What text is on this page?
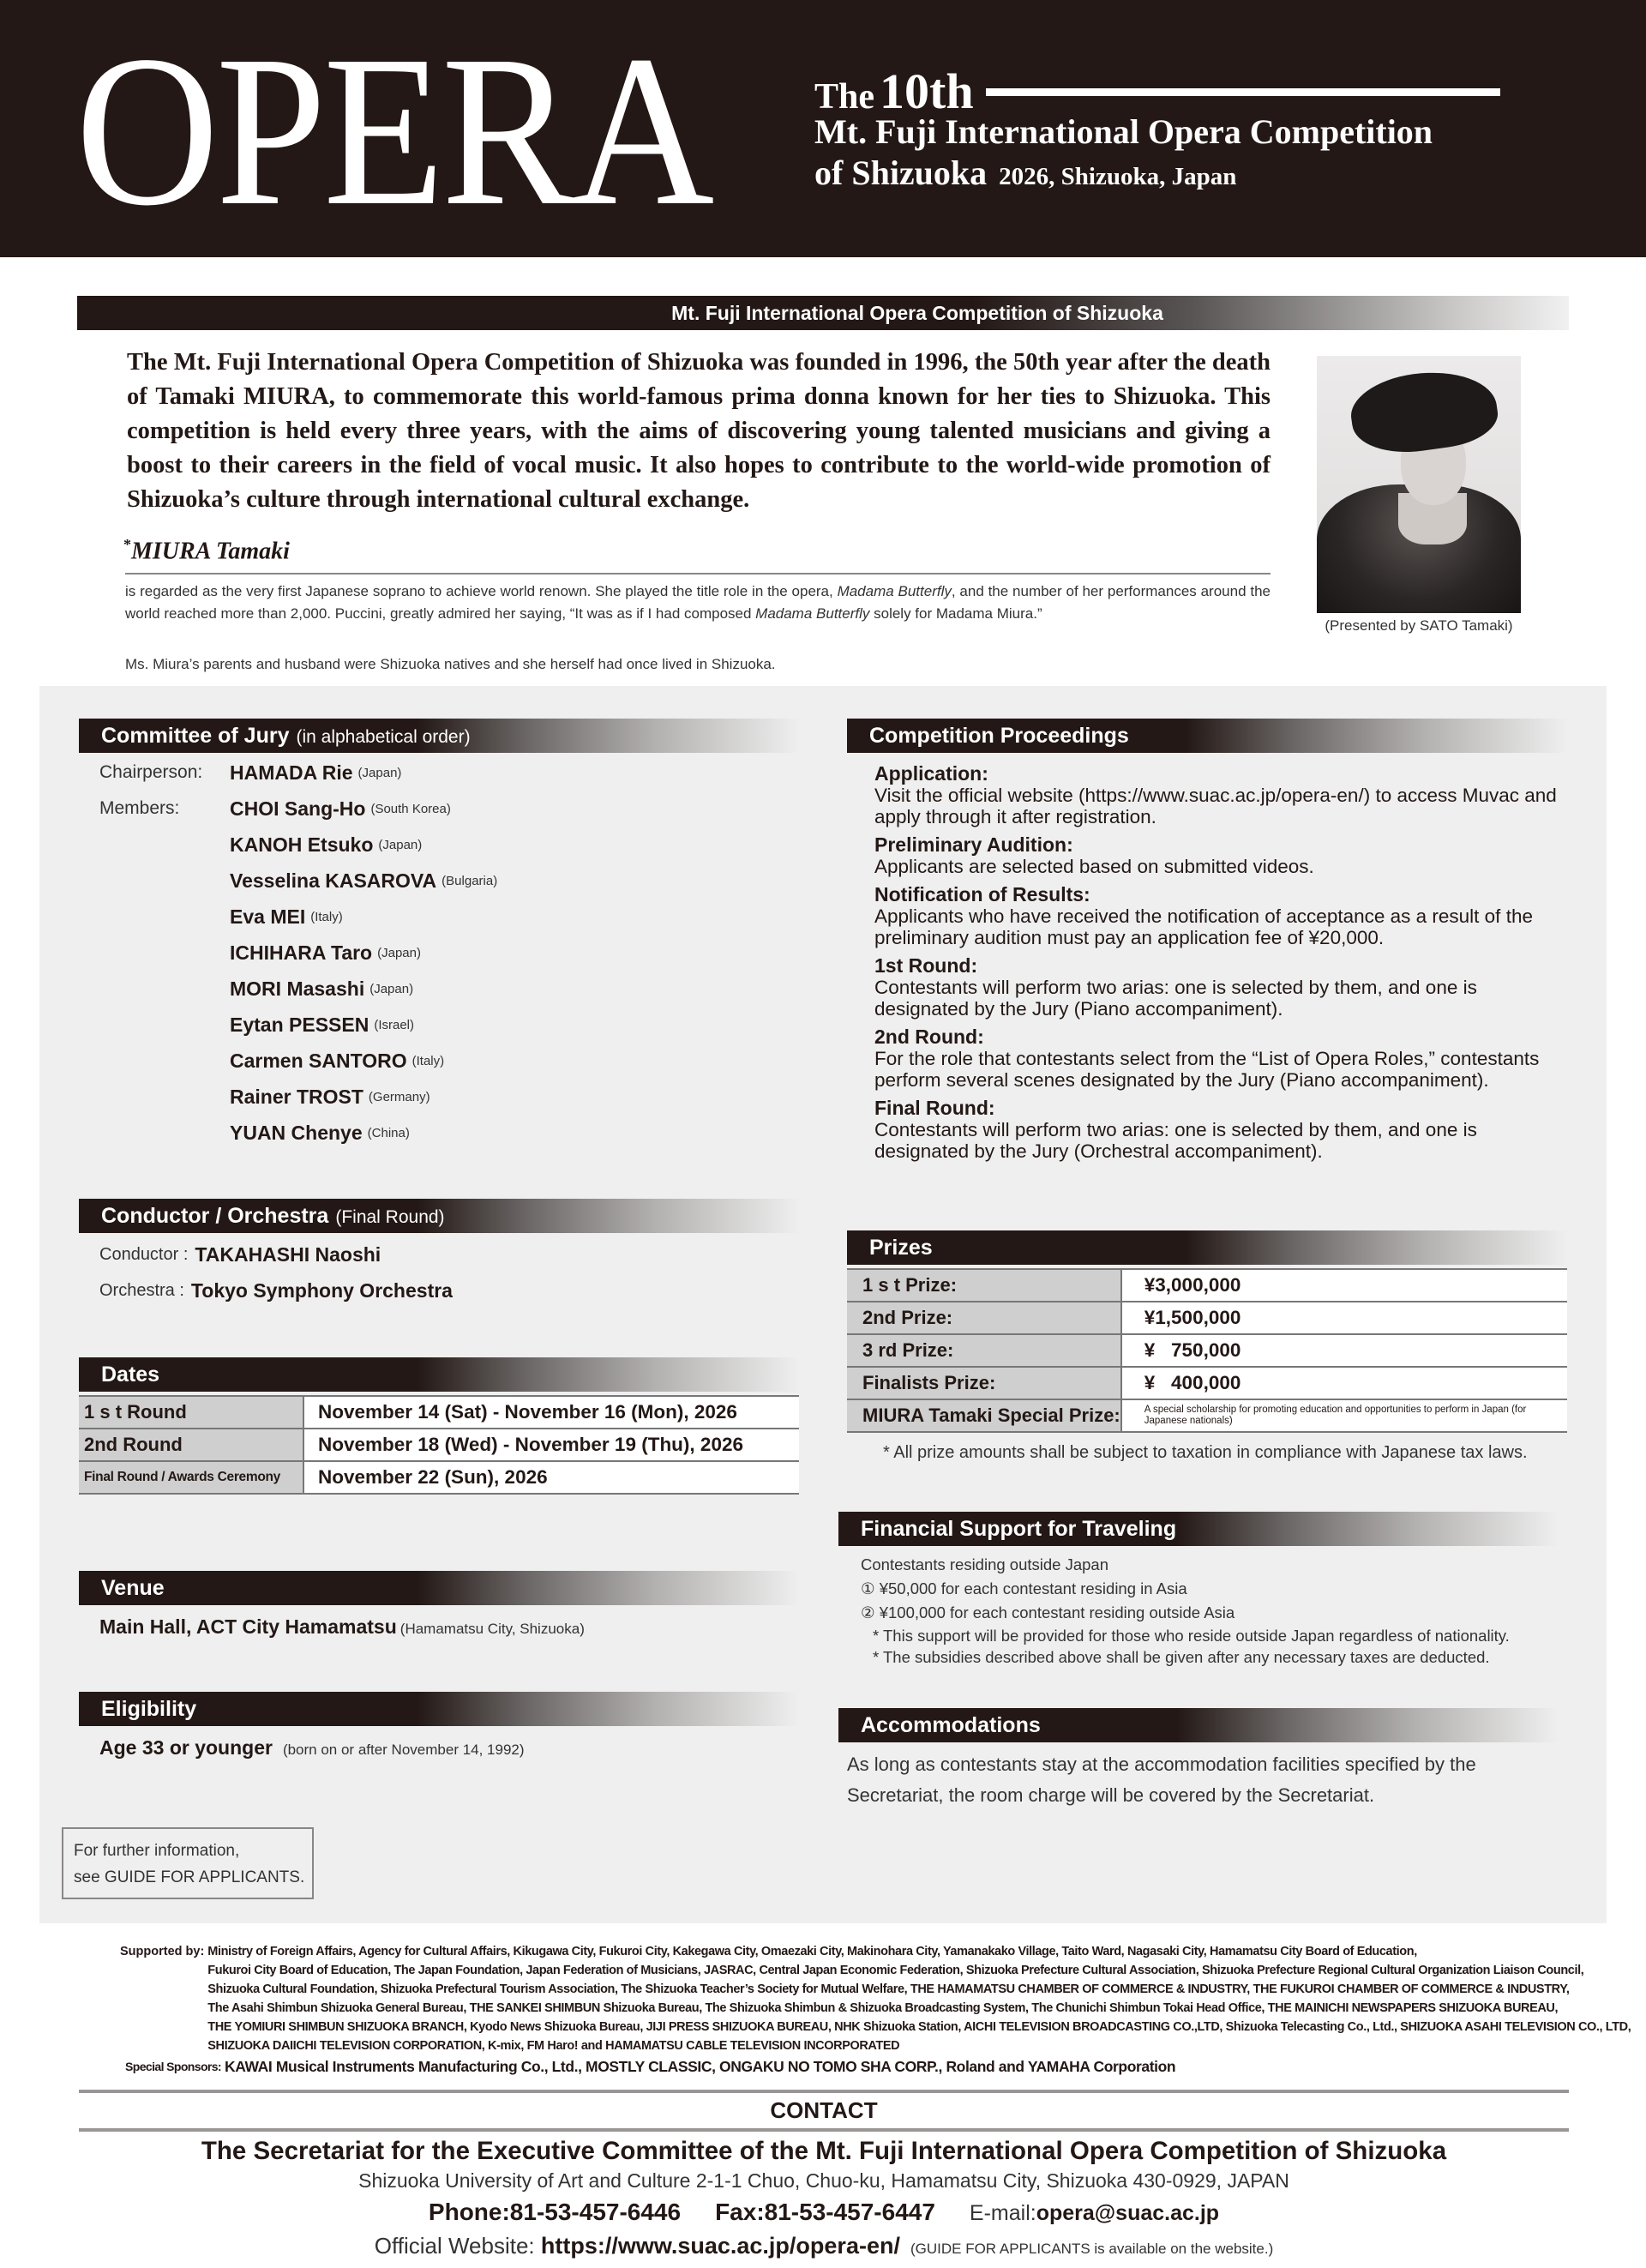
OPERA	The 10th
Mt. Fuji International Opera Competition
of Shizuoka 2026, Shizuoka, Japan
Mt. Fuji International Opera Competition of Shizuoka

The Mt. Fuji International Opera Competition of Shizuoka was founded in 1996, the 50th year after the death of Tamaki MIURA, to commemorate this world-famous prima donna known for her ties to Shizuoka. This competition is held every three years, with the aims of discovering young talented musicians and giving a boost to their careers in the field of vocal music. It also hopes to contribute to the world-wide promotion of Shizuoka’s culture through international cultural exchange.

*MIURA Tamaki

is regarded as the very first Japanese soprano to achieve world renown. She played the title role in the opera, Madama Butterfly, and the number of her performances around the world reached more than 2,000. Puccini, greatly admired her saying, “It was as if I had composed Madama Butterfly solely for Madama Miura.”

Ms. Miura’s parents and husband were Shizuoka natives and she herself had once lived in Shizuoka.

(Presented by SATO Tamaki)
Committee of Jury (in alphabetical order)
Chairperson:	HAMADA Rie (Japan)
Members:	CHOI Sang-Ho (South Korea)
KANOH Etsuko (Japan)
Vesselina KASAROVA (Bulgaria)
Eva MEI (Italy)
ICHIHARA Taro (Japan)
MORI Masashi (Japan)
Eytan PESSEN (Israel)
Carmen SANTORO (Italy)
Rainer TROST (Germany)
YUAN Chenye (China)
Conductor / Orchestra (Final Round)
Conductor : TAKAHASHI Naoshi
Orchestra : Tokyo Symphony Orchestra
Dates
1 s t Round	November 14 (Sat) - November 16 (Mon), 2026
2nd Round	November 18 (Wed) - November 19 (Thu), 2026
Final Round / Awards Ceremony	November 22 (Sun), 2026
Venue
Main Hall, ACT City Hamamatsu (Hamamatsu City, Shizuoka)
Eligibility
Age 33 or younger (born on or after November 14, 1992)
For further information,
see GUIDE FOR APPLICANTS.
Competition Proceedings
Application:
Visit the official website (https://www.suac.ac.jp/opera-en/) to access Muvac and apply through it after registration.
Preliminary Audition:
Applicants are selected based on submitted videos.
Notification of Results:
Applicants who have received the notification of acceptance as a result of the preliminary audition must pay an application fee of ¥20,000.
1st Round:
Contestants will perform two arias: one is selected by them, and one is designated by the Jury (Piano accompaniment).
2nd Round:
For the role that contestants select from the “List of Opera Roles,” contestants perform several scenes designated by the Jury (Piano accompaniment).
Final Round:
Contestants will perform two arias: one is selected by them, and one is designated by the Jury (Orchestral accompaniment).
Prizes
1 s t Prize:	¥3,000,000
2nd Prize:	¥1,500,000
3 rd Prize:	¥   750,000
Finalists Prize:	¥   400,000
MIURA Tamaki Special Prize:	A special scholarship for promoting education and opportunities to perform in Japan (for Japanese nationals)
* All prize amounts shall be subject to taxation in compliance with Japanese tax laws.
Financial Support for Traveling
Contestants residing outside Japan
① ¥50,000 for each contestant residing in Asia
② ¥100,000 for each contestant residing outside Asia
* This support will be provided for those who reside outside Japan regardless of nationality.
* The subsidies described above shall be given after any necessary taxes are deducted.
Accommodations
As long as contestants stay at the accommodation facilities specified by the Secretariat, the room charge will be covered by the Secretariat.
Supported by: Ministry of Foreign Affairs, Agency for Cultural Affairs, Kikugawa City, Fukuroi City, Kakegawa City, Omaezaki City, Makinohara City, Yamanakako Village, Taito Ward, Nagasaki City, Hamamatsu City Board of Education,
Fukuroi City Board of Education, The Japan Foundation, Japan Federation of Musicians, JASRAC, Central Japan Economic Federation, Shizuoka Prefecture Cultural Association, Shizuoka Prefecture Regional Cultural Organization Liaison Council,
Shizuoka Cultural Foundation, Shizuoka Prefectural Tourism Association, The Shizuoka Teacher’s Society for Mutual Welfare, THE HAMAMATSU CHAMBER OF COMMERCE & INDUSTRY, THE FUKUROI CHAMBER OF COMMERCE & INDUSTRY,
The Asahi Shimbun Shizuoka General Bureau, THE SANKEI SHIMBUN Shizuoka Bureau, The Shizuoka Shimbun & Shizuoka Broadcasting System, The Chunichi Shimbun Tokai Head Office, THE MAINICHI NEWSPAPERS SHIZUOKA BUREAU,
THE YOMIURI SHIMBUN SHIZUOKA BRANCH, Kyodo News Shizuoka Bureau, JIJI PRESS SHIZUOKA BUREAU, NHK Shizuoka Station, AICHI TELEVISION BROADCASTING CO.,LTD, Shizuoka Telecasting Co., Ltd., SHIZUOKA ASAHI TELEVISION CO., LTD,
SHIZUOKA DAIICHI TELEVISION CORPORATION, K-mix, FM Haro! and HAMAMATSU CABLE TELEVISION INCORPORATED
Special Sponsors: KAWAI Musical Instruments Manufacturing Co., Ltd., MOSTLY CLASSIC, ONGAKU NO TOMO SHA CORP., Roland and YAMAHA Corporation
CONTACT
The Secretariat for the Executive Committee of the Mt. Fuji International Opera Competition of Shizuoka
Shizuoka University of Art and Culture 2-1-1 Chuo, Chuo-ku, Hamamatsu City, Shizuoka 430-0929, JAPAN
Phone:81-53-457-6446 Fax:81-53-457-6447 E-mail:opera@suac.ac.jp
Official Website: https://www.suac.ac.jp/opera-en/ (GUIDE FOR APPLICANTS is available on the website.)
